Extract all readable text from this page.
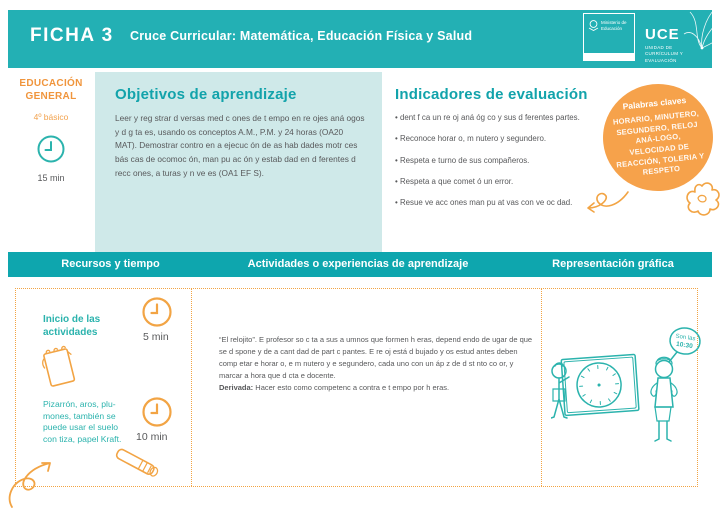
FICHA 3 Cruce Curricular: Matemática, Educación Física y Salud
Ministerio de Educación	UCE
UNIDAD DE CURRÍCULUM Y EVALUACIÓN
EDUCACIÓN GENERAL
4º básico
15 min
Objetivos de aprendizaje
Leer y reg strar d versas med c ones de t empo en re ojes aná ogos y d g ta es, usando os conceptos A.M., P.M. y 24 horas (OA20 MAT). Demostrar contro en a ejecuc ón de as hab dades motr ces bás cas de ocomoc ón, man pu ac ón y estab dad en d ferentes d recc ones, a turas y n ve es (OA1 EF S).
Indicadores de evaluación
• dent f ca un re oj aná óg co y sus d ferentes partes.
• Reconoce horar o, m nutero y segundero.
• Respeta e turno de sus compañeros.
• Respeta a que comet ó un error.
• Resue ve acc ones man pu at vas con ve oc dad.
Palabras claves
HORARIO, MINUTERO, SEGUNDERO, RELOJ ANÁ-LOGO, VELOCIDAD DE REACCIÓN, TOLERIA Y RESPETO
Recursos y tiempo	Actividades o experiencias de aprendizaje	Representación gráfica
Inicio de las actividades	5 min
Pizarrón, aros, plu- mones, también se puede usar el suelo con tiza, papel Kraft.	10 min
“El relojito”. E profesor so c ta a sus a umnos que formen h eras, depend endo de ugar de que se d spone y de a cant dad de part c pantes. E re oj está d bujado y os estud antes deben comp etar e horar o, e m nutero y e segundero, cada uno con un áp z de d st nto co or, y marcar a hora que d cta e docente.
Derivada: Hacer esto como competenc a contra e t empo por h eras.
Son las
10:30
